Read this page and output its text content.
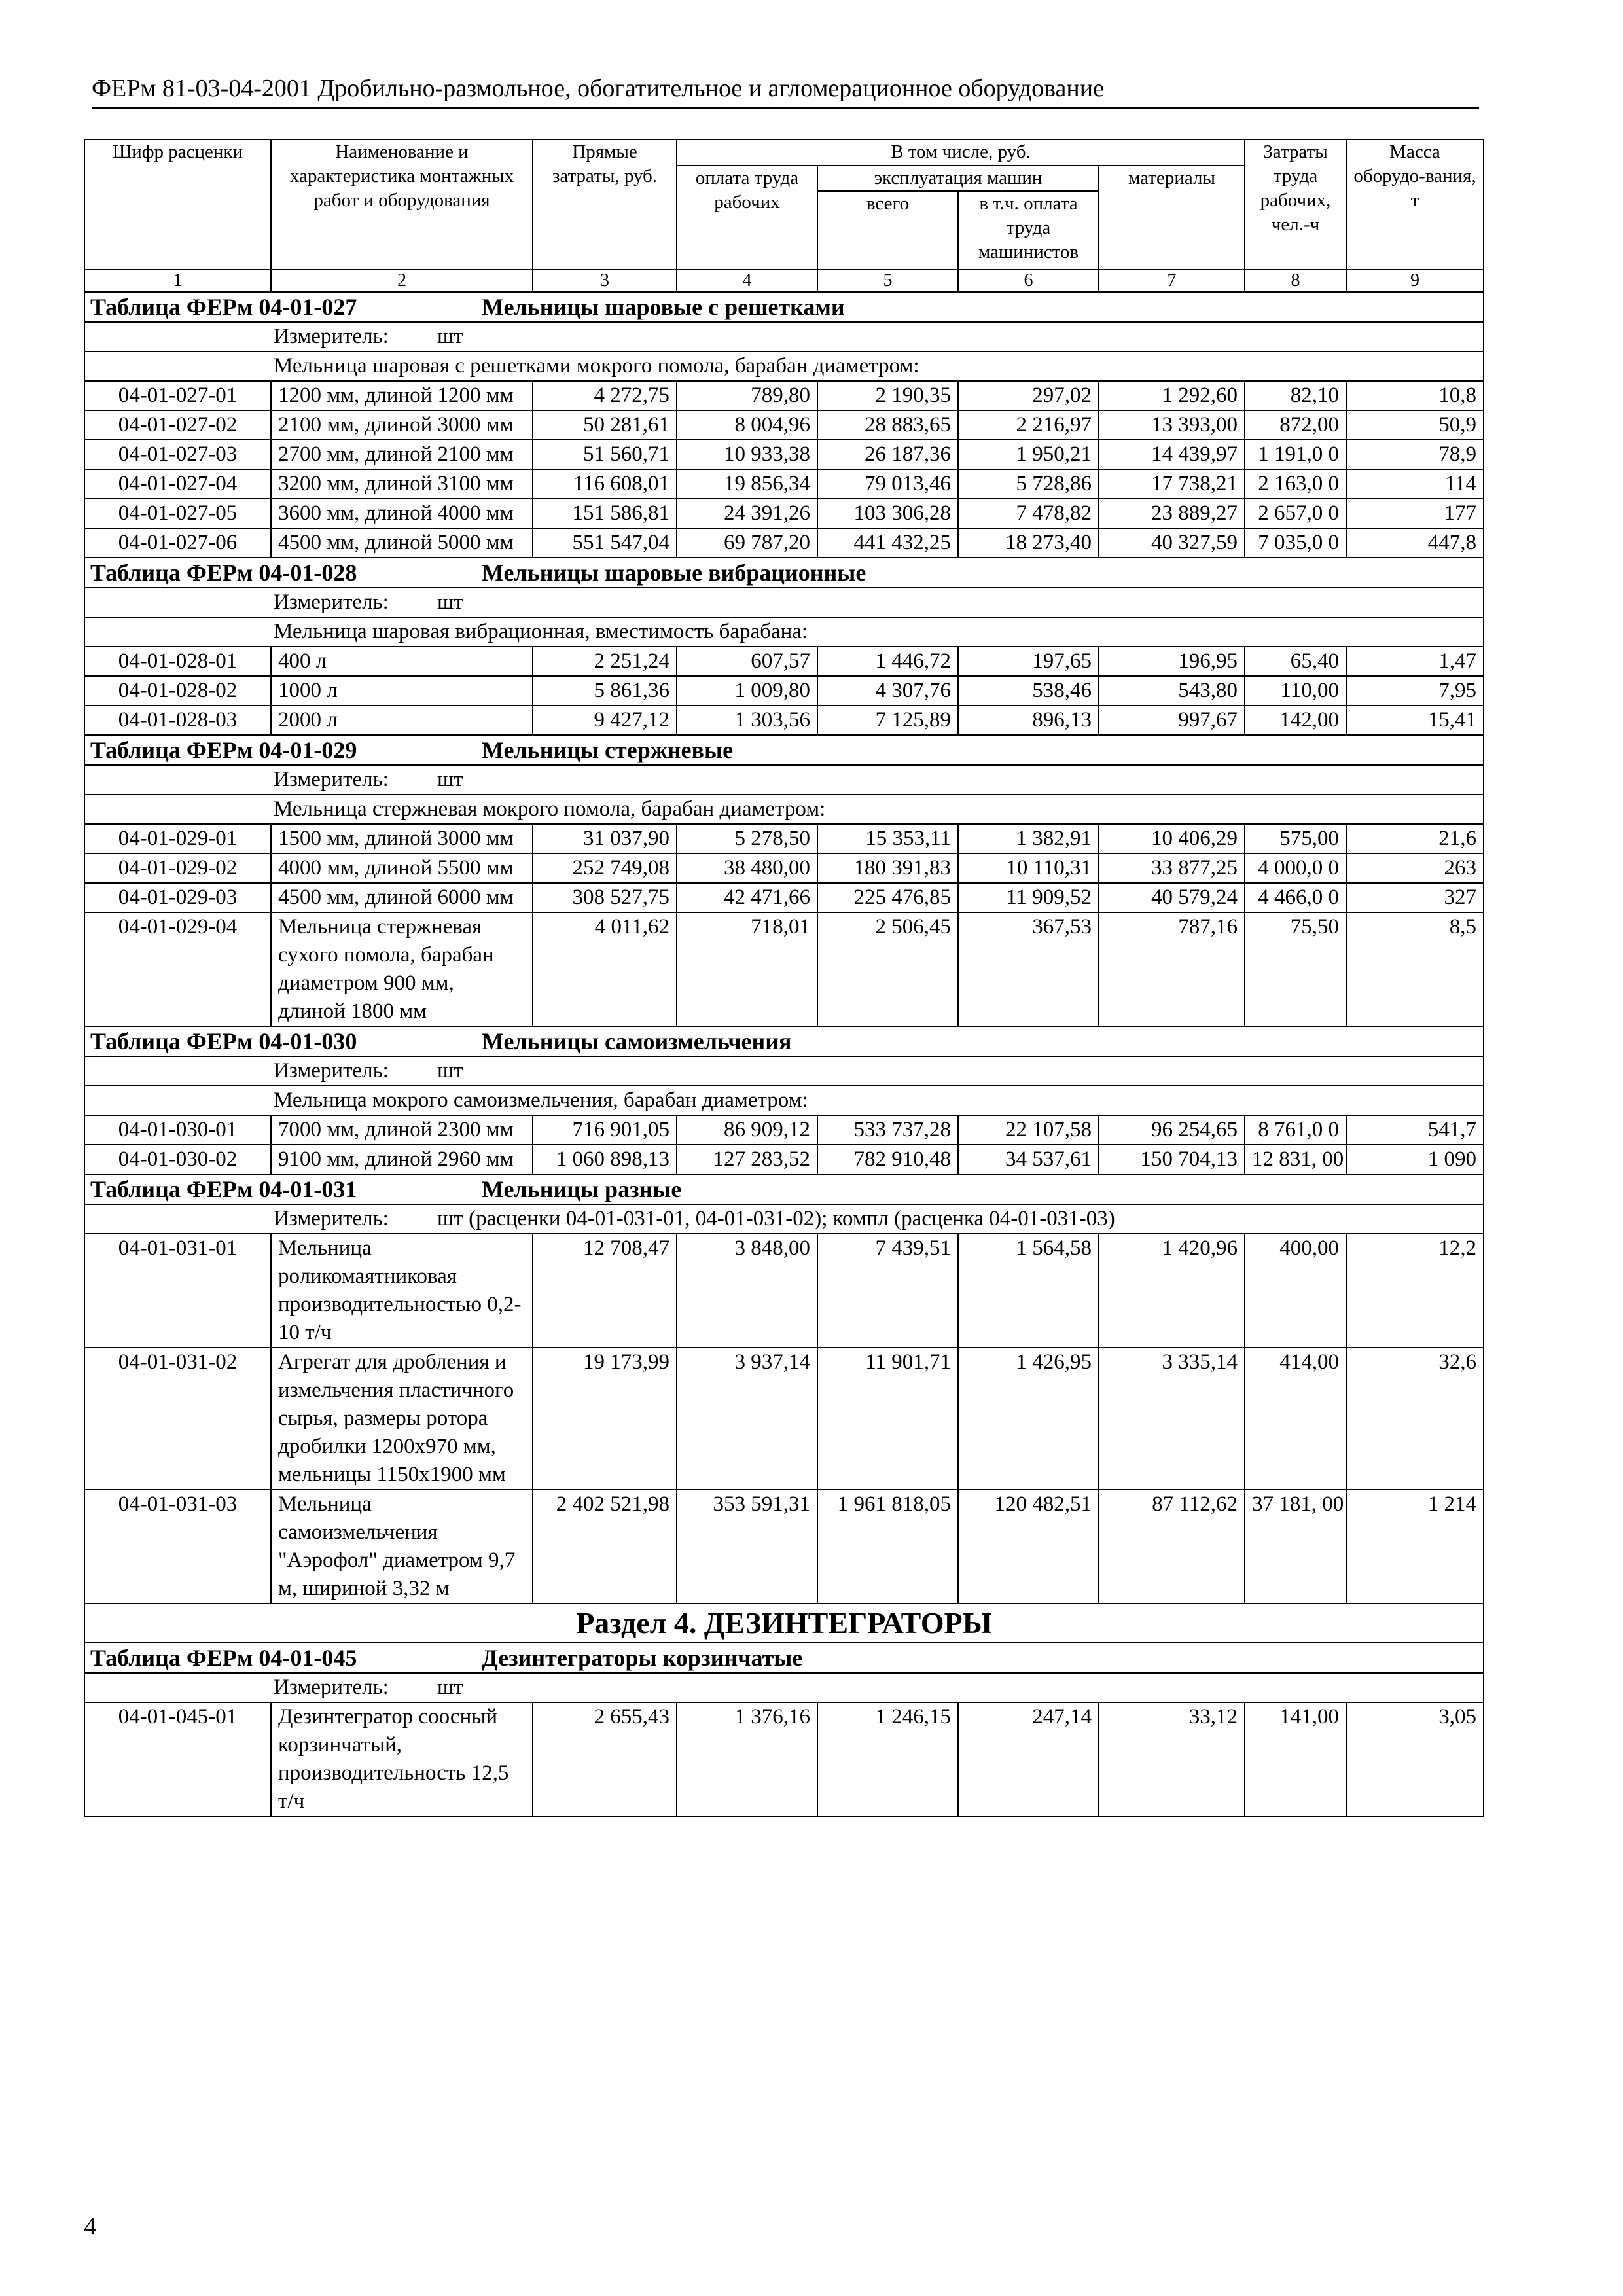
ФЕРм 81-03-04-2001 Дробильно-размольное, обогатительное и агломерационное оборудование
Шифр расценки	Наименование и характеристика монтажных работ и оборудования	Прямые затраты, руб.	В том числе, руб.				Затраты труда рабочих, чел.-ч	Масса оборудо-вания, т
			оплата труда рабочих	эксплуатация машин		материалы		
				всего	в т.ч. оплата труда машинистов			
1	2	3	4	5	6	7	8	9
Таблица ФЕРм 04-01-027 Мельницы шаровые с решетками								
Измеритель: шт								
Мельница шаровая с решетками мокрого помола, барабан диаметром:								
04-01-027-01	1200 мм, длиной 1200 мм	4 272,75	789,80	2 190,35	297,02	1 292,60	82,10	10,8
04-01-027-02	2100 мм, длиной 3000 мм	50 281,61	8 004,96	28 883,65	2 216,97	13 393,00	872,00	50,9
04-01-027-03	2700 мм, длиной 2100 мм	51 560,71	10 933,38	26 187,36	1 950,21	14 439,97	1 191,0 0	78,9
04-01-027-04	3200 мм, длиной 3100 мм	116 608,01	19 856,34	79 013,46	5 728,86	17 738,21	2 163,0 0	114
04-01-027-05	3600 мм, длиной 4000 мм	151 586,81	24 391,26	103 306,28	7 478,82	23 889,27	2 657,0 0	177
04-01-027-06	4500 мм, длиной 5000 мм	551 547,04	69 787,20	441 432,25	18 273,40	40 327,59	7 035,0 0	447,8
Таблица ФЕРм 04-01-028 Мельницы шаровые вибрационные								
Измеритель: шт								
Мельница шаровая вибрационная, вместимость барабана:								
04-01-028-01	400 л	2 251,24	607,57	1 446,72	197,65	196,95	65,40	1,47
04-01-028-02	1000 л	5 861,36	1 009,80	4 307,76	538,46	543,80	110,00	7,95
04-01-028-03	2000 л	9 427,12	1 303,56	7 125,89	896,13	997,67	142,00	15,41
Таблица ФЕРм 04-01-029 Мельницы стержневые								
Измеритель: шт								
Мельница стержневая мокрого помола, барабан диаметром:								
04-01-029-01	1500 мм, длиной 3000 мм	31 037,90	5 278,50	15 353,11	1 382,91	10 406,29	575,00	21,6
04-01-029-02	4000 мм, длиной 5500 мм	252 749,08	38 480,00	180 391,83	10 110,31	33 877,25	4 000,0 0	263
04-01-029-03	4500 мм, длиной 6000 мм	308 527,75	42 471,66	225 476,85	11 909,52	40 579,24	4 466,0 0	327
04-01-029-04	Мельница стержневая сухого помола, барабан диаметром 900 мм, длиной 1800 мм	4 011,62	718,01	2 506,45	367,53	787,16	75,50	8,5
Таблица ФЕРм 04-01-030 Мельницы самоизмельчения								
Измеритель: шт								
Мельница мокрого самоизмельчения, барабан диаметром:								
04-01-030-01	7000 мм, длиной 2300 мм	716 901,05	86 909,12	533 737,28	22 107,58	96 254,65	8 761,0 0	541,7
04-01-030-02	9100 мм, длиной 2960 мм	1 060 898,13	127 283,52	782 910,48	34 537,61	150 704,13	12 831, 00	1 090
Таблица ФЕРм 04-01-031 Мельницы разные								
Измеритель: шт (расценки 04-01-031-01, 04-01-031-02); компл (расценка 04-01-031-03)								
04-01-031-01	Мельница роликомаятниковая производительностью 0,2-10 т/ч	12 708,47	3 848,00	7 439,51	1 564,58	1 420,96	400,00	12,2
04-01-031-02	Агрегат для дробления и измельчения пластичного сырья, размеры ротора дробилки 1200х970 мм, мельницы 1150х1900 мм	19 173,99	3 937,14	11 901,71	1 426,95	3 335,14	414,00	32,6
04-01-031-03	Мельница самоизмельчения "Аэрофол" диаметром 9,7 м, шириной 3,32 м	2 402 521,98	353 591,31	1 961 818,05	120 482,51	87 112,62	37 181, 00	1 214
Раздел 4. ДЕЗИНТЕГРАТОРЫ								
Таблица ФЕРм 04-01-045 Дезинтеграторы корзинчатые								
Измеритель: шт								
04-01-045-01	Дезинтегратор соосный корзинчатый, производительность 12,5 т/ч	2 655,43	1 376,16	1 246,15	247,14	33,12	141,00	3,05
4
